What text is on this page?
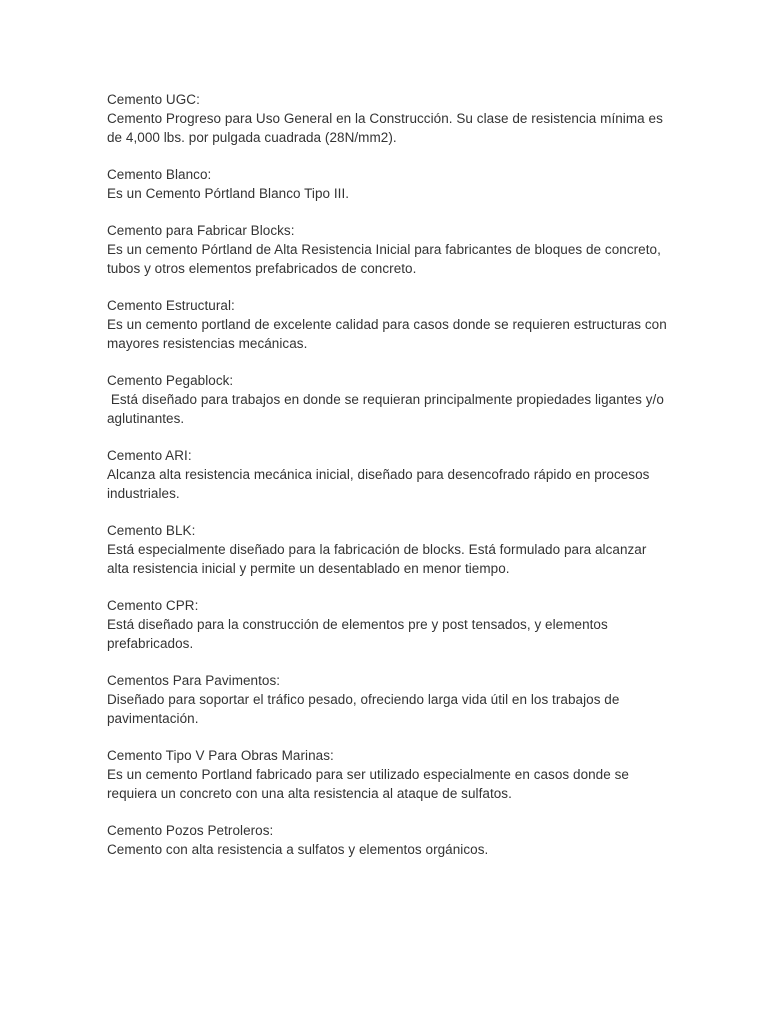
Cemento UGC:

Cemento Progreso para Uso General en la Construcción. Su clase de resistencia mínima es de 4,000 lbs. por pulgada cuadrada (28N/mm2).

Cemento Blanco:

Es un Cemento Pórtland Blanco Tipo III.

Cemento para Fabricar Blocks:

Es un cemento Pórtland de Alta Resistencia Inicial para fabricantes de bloques de concreto, tubos y otros elementos prefabricados de concreto.

Cemento Estructural:

Es un cemento portland de excelente calidad para casos donde se requieren estructuras con mayores resistencias mecánicas.

Cemento Pegablock:

Está diseñado para trabajos en donde se requieran principalmente propiedades ligantes y/o aglutinantes.

Cemento ARI:

Alcanza alta resistencia mecánica inicial, diseñado para desencofrado rápido en procesos industriales.

Cemento BLK:

Está especialmente diseñado para la fabricación de blocks. Está formulado para alcanzar alta resistencia inicial y permite un desentablado en menor tiempo.

Cemento CPR:

Está diseñado para la construcción de elementos pre y post tensados, y elementos prefabricados.

Cementos Para Pavimentos:

Diseñado para soportar el tráfico pesado, ofreciendo larga vida útil en los trabajos de pavimentación.

Cemento Tipo V Para Obras Marinas:

Es un cemento Portland fabricado para ser utilizado especialmente en casos donde se requiera un concreto con una alta resistencia al ataque de sulfatos.

Cemento Pozos Petroleros:

Cemento con alta resistencia a sulfatos y elementos orgánicos.
